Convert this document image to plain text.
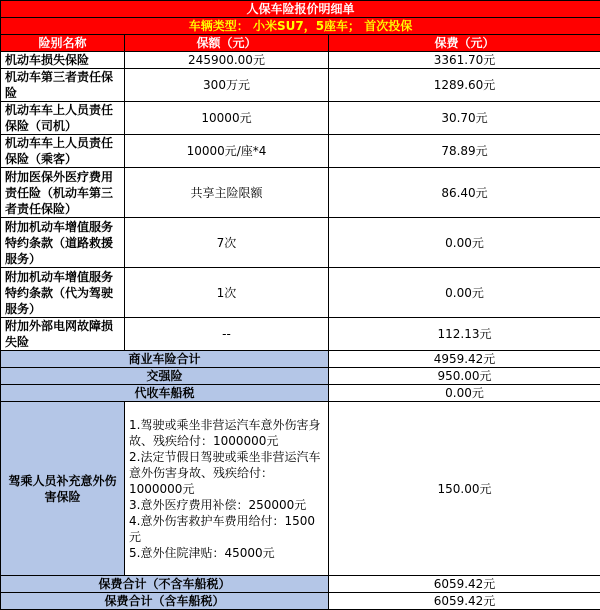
人保车险报价明细单		
车辆类型： 小米SU7，5座车； 首次投保		
险别名称	保额（元）	保费（元）
机动车损失保险	245900.00元	3361.70元
机动车第三者责任保险	300万元	1289.60元
机动车车上人员责任保险（司机）	10000元	30.70元
机动车车上人员责任保险（乘客）	10000元/座*4	78.89元
附加医保外医疗费用责任险（机动车第三者责任保险）	共享主险限额	86.40元
附加机动车增值服务特约条款（道路救援服务）	7次	0.00元
附加机动车增值服务特约条款（代为驾驶服务）	1次	0.00元
附加外部电网故障损失险	--	112.13元
商业车险合计		4959.42元
交强险		950.00元
代收车船税		0.00元
驾乘人员补充意外伤害保险	1.驾驶或乘坐非营运汽车意外伤害身故、残疾给付：1000000元
2.法定节假日驾驶或乘坐非营运汽车意外伤害身故、残疾给付：1000000元
3.意外医疗费用补偿：250000元
4.意外伤害救护车费用给付：1500元
5.意外住院津贴：45000元	150.00元
保费合计（不含车船税）		6059.42元
保费合计（含车船税）		6059.42元
